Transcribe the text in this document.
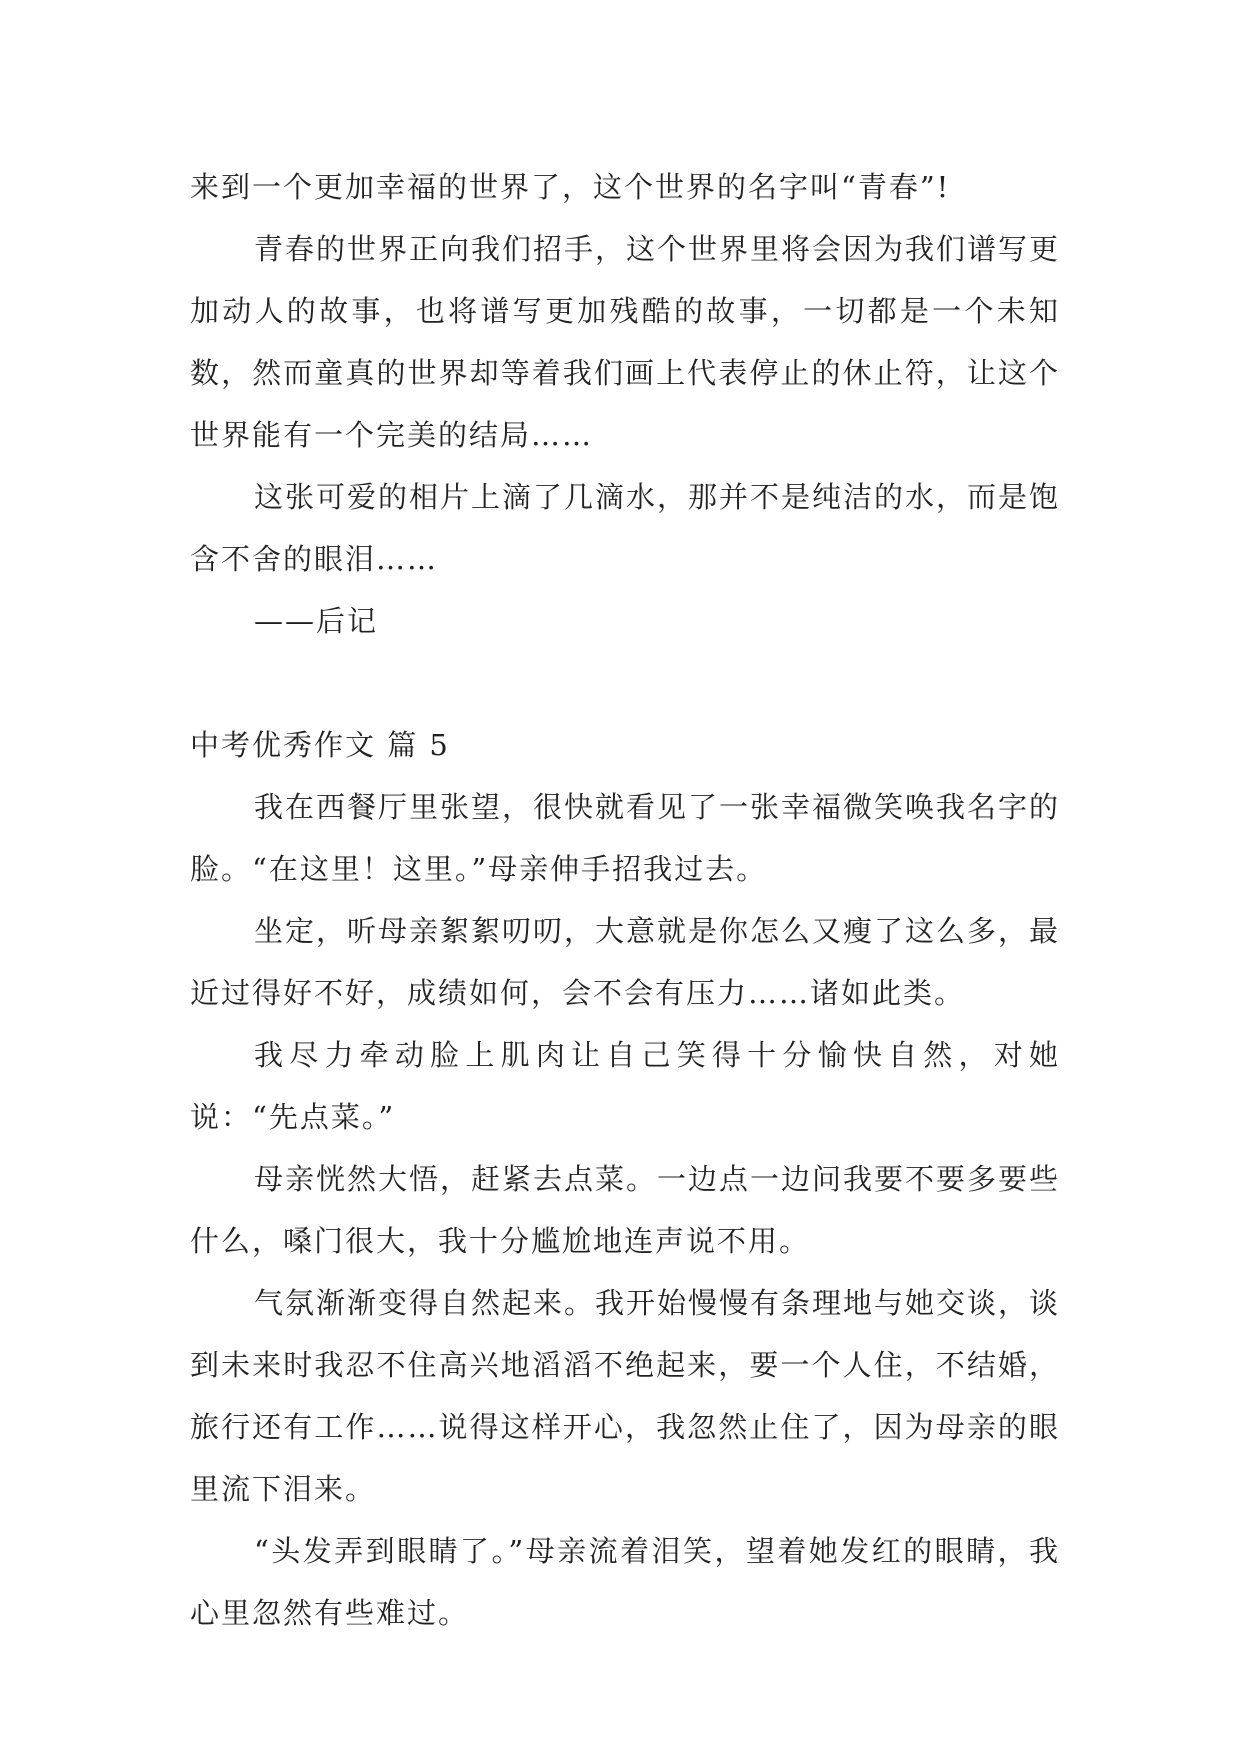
来到一个更加幸福的世界了，这个世界的名字叫“青春”!

青春的世界正向我们招手，这个世界里将会因为我们谱写更加动人的故事，也将谱写更加残酷的故事，一切都是一个未知数，然而童真的世界却等着我们画上代表停止的休止符，让这个世界能有一个完美的结局……

这张可爱的相片上滴了几滴水，那并不是纯洁的水，而是饱含不舍的眼泪……

——后记

中考优秀作文 篇 5

我在西餐厅里张望，很快就看见了一张幸福微笑唤我名字的脸。“在这里！这里。”母亲伸手招我过去。

坐定，听母亲絮絮叨叨，大意就是你怎么又瘦了这么多，最近过得好不好，成绩如何，会不会有压力……诸如此类。

我尽力牵动脸上肌肉让自己笑得十分愉快自然，对她说：“先点菜。”

母亲恍然大悟，赶紧去点菜。一边点一边问我要不要多要些什么，嗓门很大，我十分尴尬地连声说不用。

气氛渐渐变得自然起来。我开始慢慢有条理地与她交谈，谈到未来时我忍不住高兴地滔滔不绝起来，要一个人住，不结婚，旅行还有工作……说得这样开心，我忽然止住了，因为母亲的眼里流下泪来。

“头发弄到眼睛了。”母亲流着泪笑，望着她发红的眼睛，我心里忽然有些难过。
